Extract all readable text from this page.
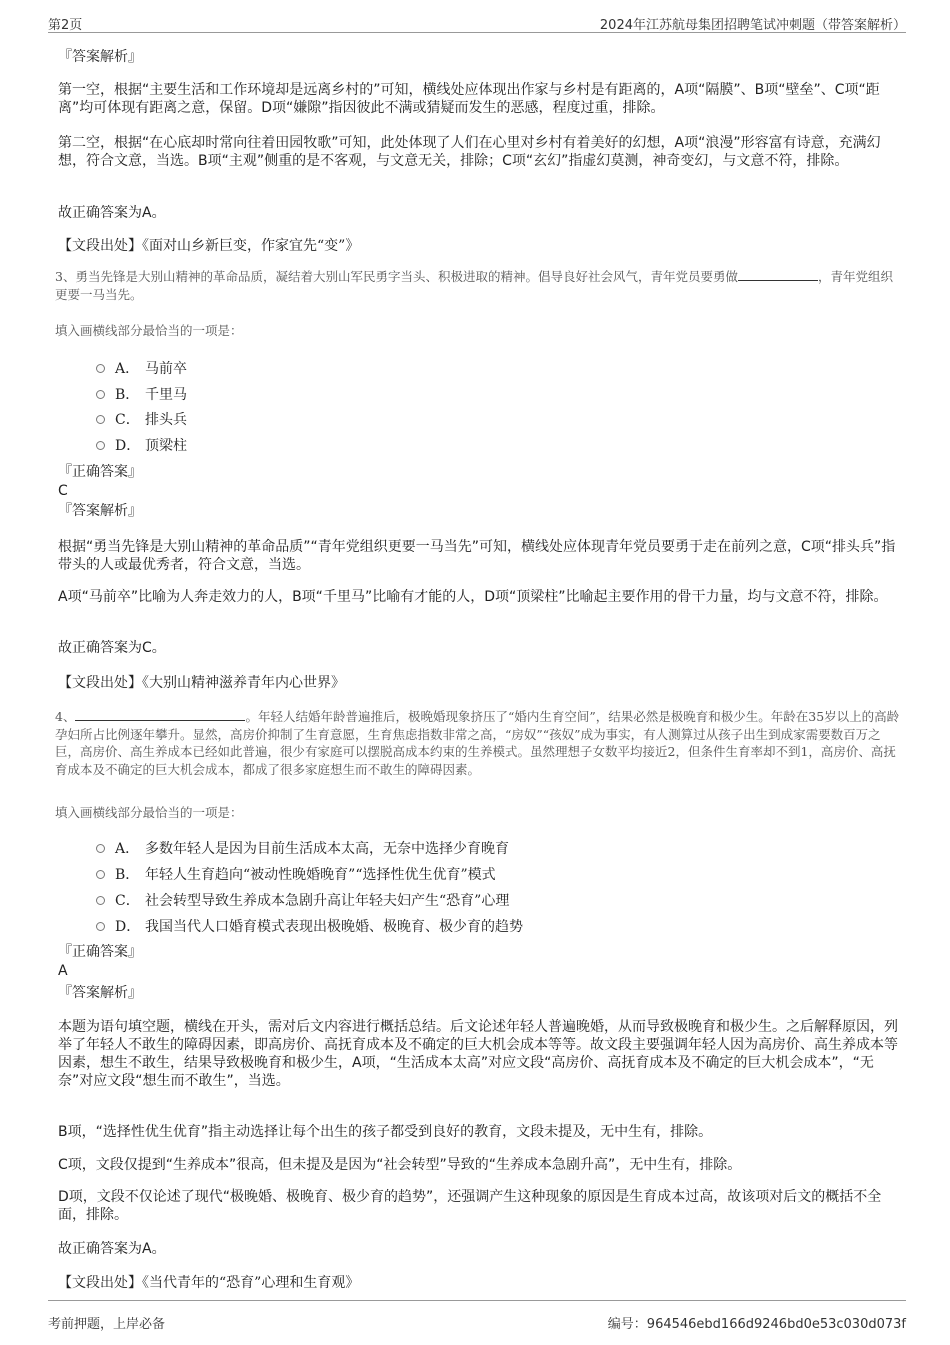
第2页	2024年江苏航母集团招聘笔试冲刺题（带答案解析）
『答案解析』
第一空，根据“主要生活和工作环境却是远离乡村的”可知，横线处应体现出作家与乡村是有距离的，A项“隔膜”、B项“壁垒”、C项“距离”均可体现有距离之意，保留。D项“嫌隙”指因彼此不满或猜疑而发生的恶感，程度过重，排除。
第二空，根据“在心底却时常向往着田园牧歌”可知，此处体现了人们在心里对乡村有着美好的幻想，A项“浪漫”形容富有诗意，充满幻想，符合文意，当选。B项“主观”侧重的是不客观，与文意无关，排除；C项“玄幻”指虚幻莫测，神奇变幻，与文意不符，排除。
故正确答案为A。
【文段出处】《面对山乡新巨变，作家宜先“变”》
3、勇当先锋是大别山精神的革命品质，凝结着大别山军民勇字当头、积极进取的精神。倡导良好社会风气，青年党员要勇做	，青年党组织更要一马当先。
填入画横线部分最恰当的一项是：
A． 马前卒
B． 千里马
C． 排头兵
D． 顶梁柱
『正确答案』
C
『答案解析』
根据“勇当先锋是大别山精神的革命品质”“青年党组织更要一马当先”可知，横线处应体现青年党员要勇于走在前列之意，C项“排头兵”指带头的人或最优秀者，符合文意，当选。
A项“马前卒”比喻为人奔走效力的人，B项“千里马”比喻有才能的人，D项“顶梁柱”比喻起主要作用的骨干力量，均与文意不符，排除。
故正确答案为C。
【文段出处】《大别山精神滋养青年内心世界》
4、	。年轻人结婚年龄普遍推后，极晚婚现象挤压了“婚内生育空间”，结果必然是极晚育和极少生。年龄在35岁以上的高龄孕妇所占比例逐年攀升。显然，高房价抑制了生育意愿，生育焦虑指数非常之高，“房奴”“孩奴”成为事实，有人测算过从孩子出生到成家需要数百万之巨，高房价、高生养成本已经如此普遍，很少有家庭可以摆脱高成本约束的生养模式。虽然理想子女数平均接近2，但条件生育率却不到1，高房价、高抚育成本及不确定的巨大机会成本，都成了很多家庭想生而不敢生的障碍因素。
填入画横线部分最恰当的一项是：
A． 多数年轻人是因为目前生活成本太高，无奈中选择少育晚育
B． 年轻人生育趋向“被动性晚婚晚育”“选择性优生优育”模式
C． 社会转型导致生养成本急剧升高让年轻夫妇产生“恐育”心理
D． 我国当代人口婚育模式表现出极晚婚、极晚育、极少育的趋势
『正确答案』
A
『答案解析』
本题为语句填空题，横线在开头，需对后文内容进行概括总结。后文论述年轻人普遍晚婚，从而导致极晚育和极少生。之后解释原因，列举了年轻人不敢生的障碍因素，即高房价、高抚育成本及不确定的巨大机会成本等等。故文段主要强调年轻人因为高房价、高生养成本等因素，想生不敢生，结果导致极晚育和极少生，A项，“生活成本太高”对应文段“高房价、高抚育成本及不确定的巨大机会成本”，“无奈”对应文段“想生而不敢生”，当选。
B项，“选择性优生优育”指主动选择让每个出生的孩子都受到良好的教育，文段未提及，无中生有，排除。
C项，文段仅提到“生养成本”很高，但未提及是因为“社会转型”导致的“生养成本急剧升高”，无中生有，排除。
D项，文段不仅论述了现代“极晚婚、极晚育、极少育的趋势”，还强调产生这种现象的原因是生育成本过高，故该项对后文的概括不全面，排除。
故正确答案为A。
【文段出处】《当代青年的“恐育”心理和生育观》
考前押题，上岸必备	编号：964546ebd166d9246bd0e53c030d073f
